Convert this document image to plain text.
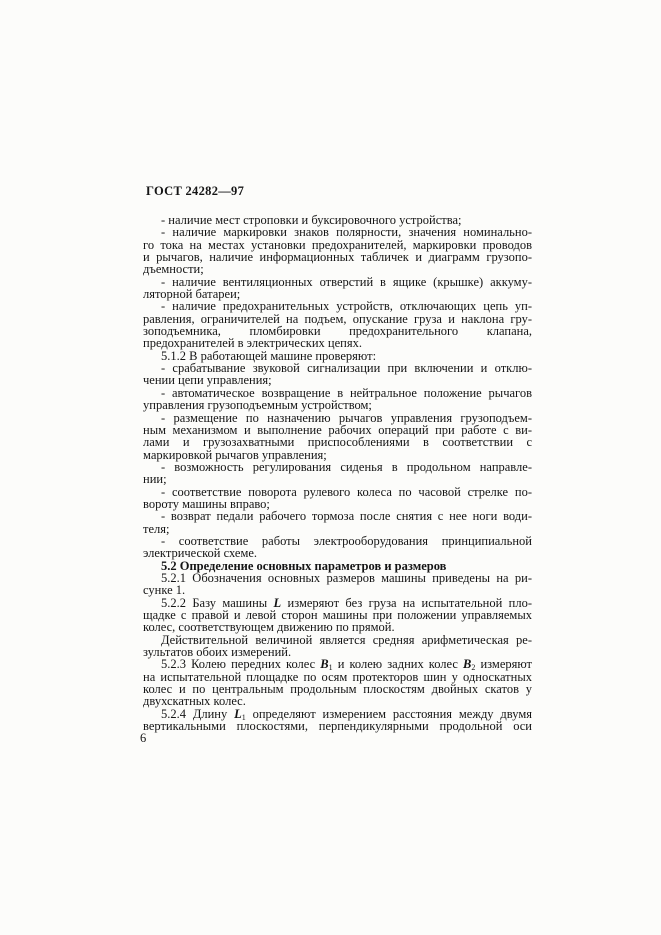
ГОСТ 24282—97
- наличие мест строповки и буксировочного устройства;
- наличие маркировки знаков полярности, значения номинально-
го тока на местах установки предохранителей, маркировки проводов
и рычагов, наличие информационных табличек и диаграмм грузопо-
дъемности;
- наличие вентиляционных отверстий в ящике (крышке) аккуму-
ляторной батареи;
- наличие предохранительных устройств, отключающих цепь уп-
равления, ограничителей на подъем, опускание груза и наклона гру-
зоподъемника, пломбировки предохранительного клапана,
предохранителей в электрических цепях.
5.1.2 В работающей машине проверяют:
- срабатывание звуковой сигнализации при включении и отклю-
чении цепи управления;
- автоматическое возвращение в нейтральное положение рычагов
управления грузоподъемным устройством;
- размещение по назначению рычагов управления грузоподъем-
ным механизмом и выполнение рабочих операций при работе с ви-
лами и грузозахватными приспособлениями в соответствии с
маркировкой рычагов управления;
- возможность регулирования сиденья в продольном направле-
нии;
- соответствие поворота рулевого колеса по часовой стрелке по-
вороту машины вправо;
- возврат педали рабочего тормоза после снятия с нее ноги води-
теля;
- соответствие работы электрооборудования принципиальной
электрической схеме.
5.2 Определение основных параметров и размеров
5.2.1 Обозначения основных размеров машины приведены на ри-
сунке 1.
5.2.2 Базу машины L измеряют без груза на испытательной пло-
щадке с правой и левой сторон машины при положении управляемых
колес, соответствующем движению по прямой.
Действительной величиной является средняя арифметическая ре-
зультатов обоих измерений.
5.2.3 Колею передних колес $B_1$ и колею задних колес $B_2$ измеряют
на испытательной площадке по осям протекторов шин у односкатных
колес и по центральным продольным плоскостям двойных скатов у
двухскатных колес.
5.2.4 Длину $L_1$ определяют измерением расстояния между двумя
вертикальными плоскостями, перпендикулярными продольной оси
6
